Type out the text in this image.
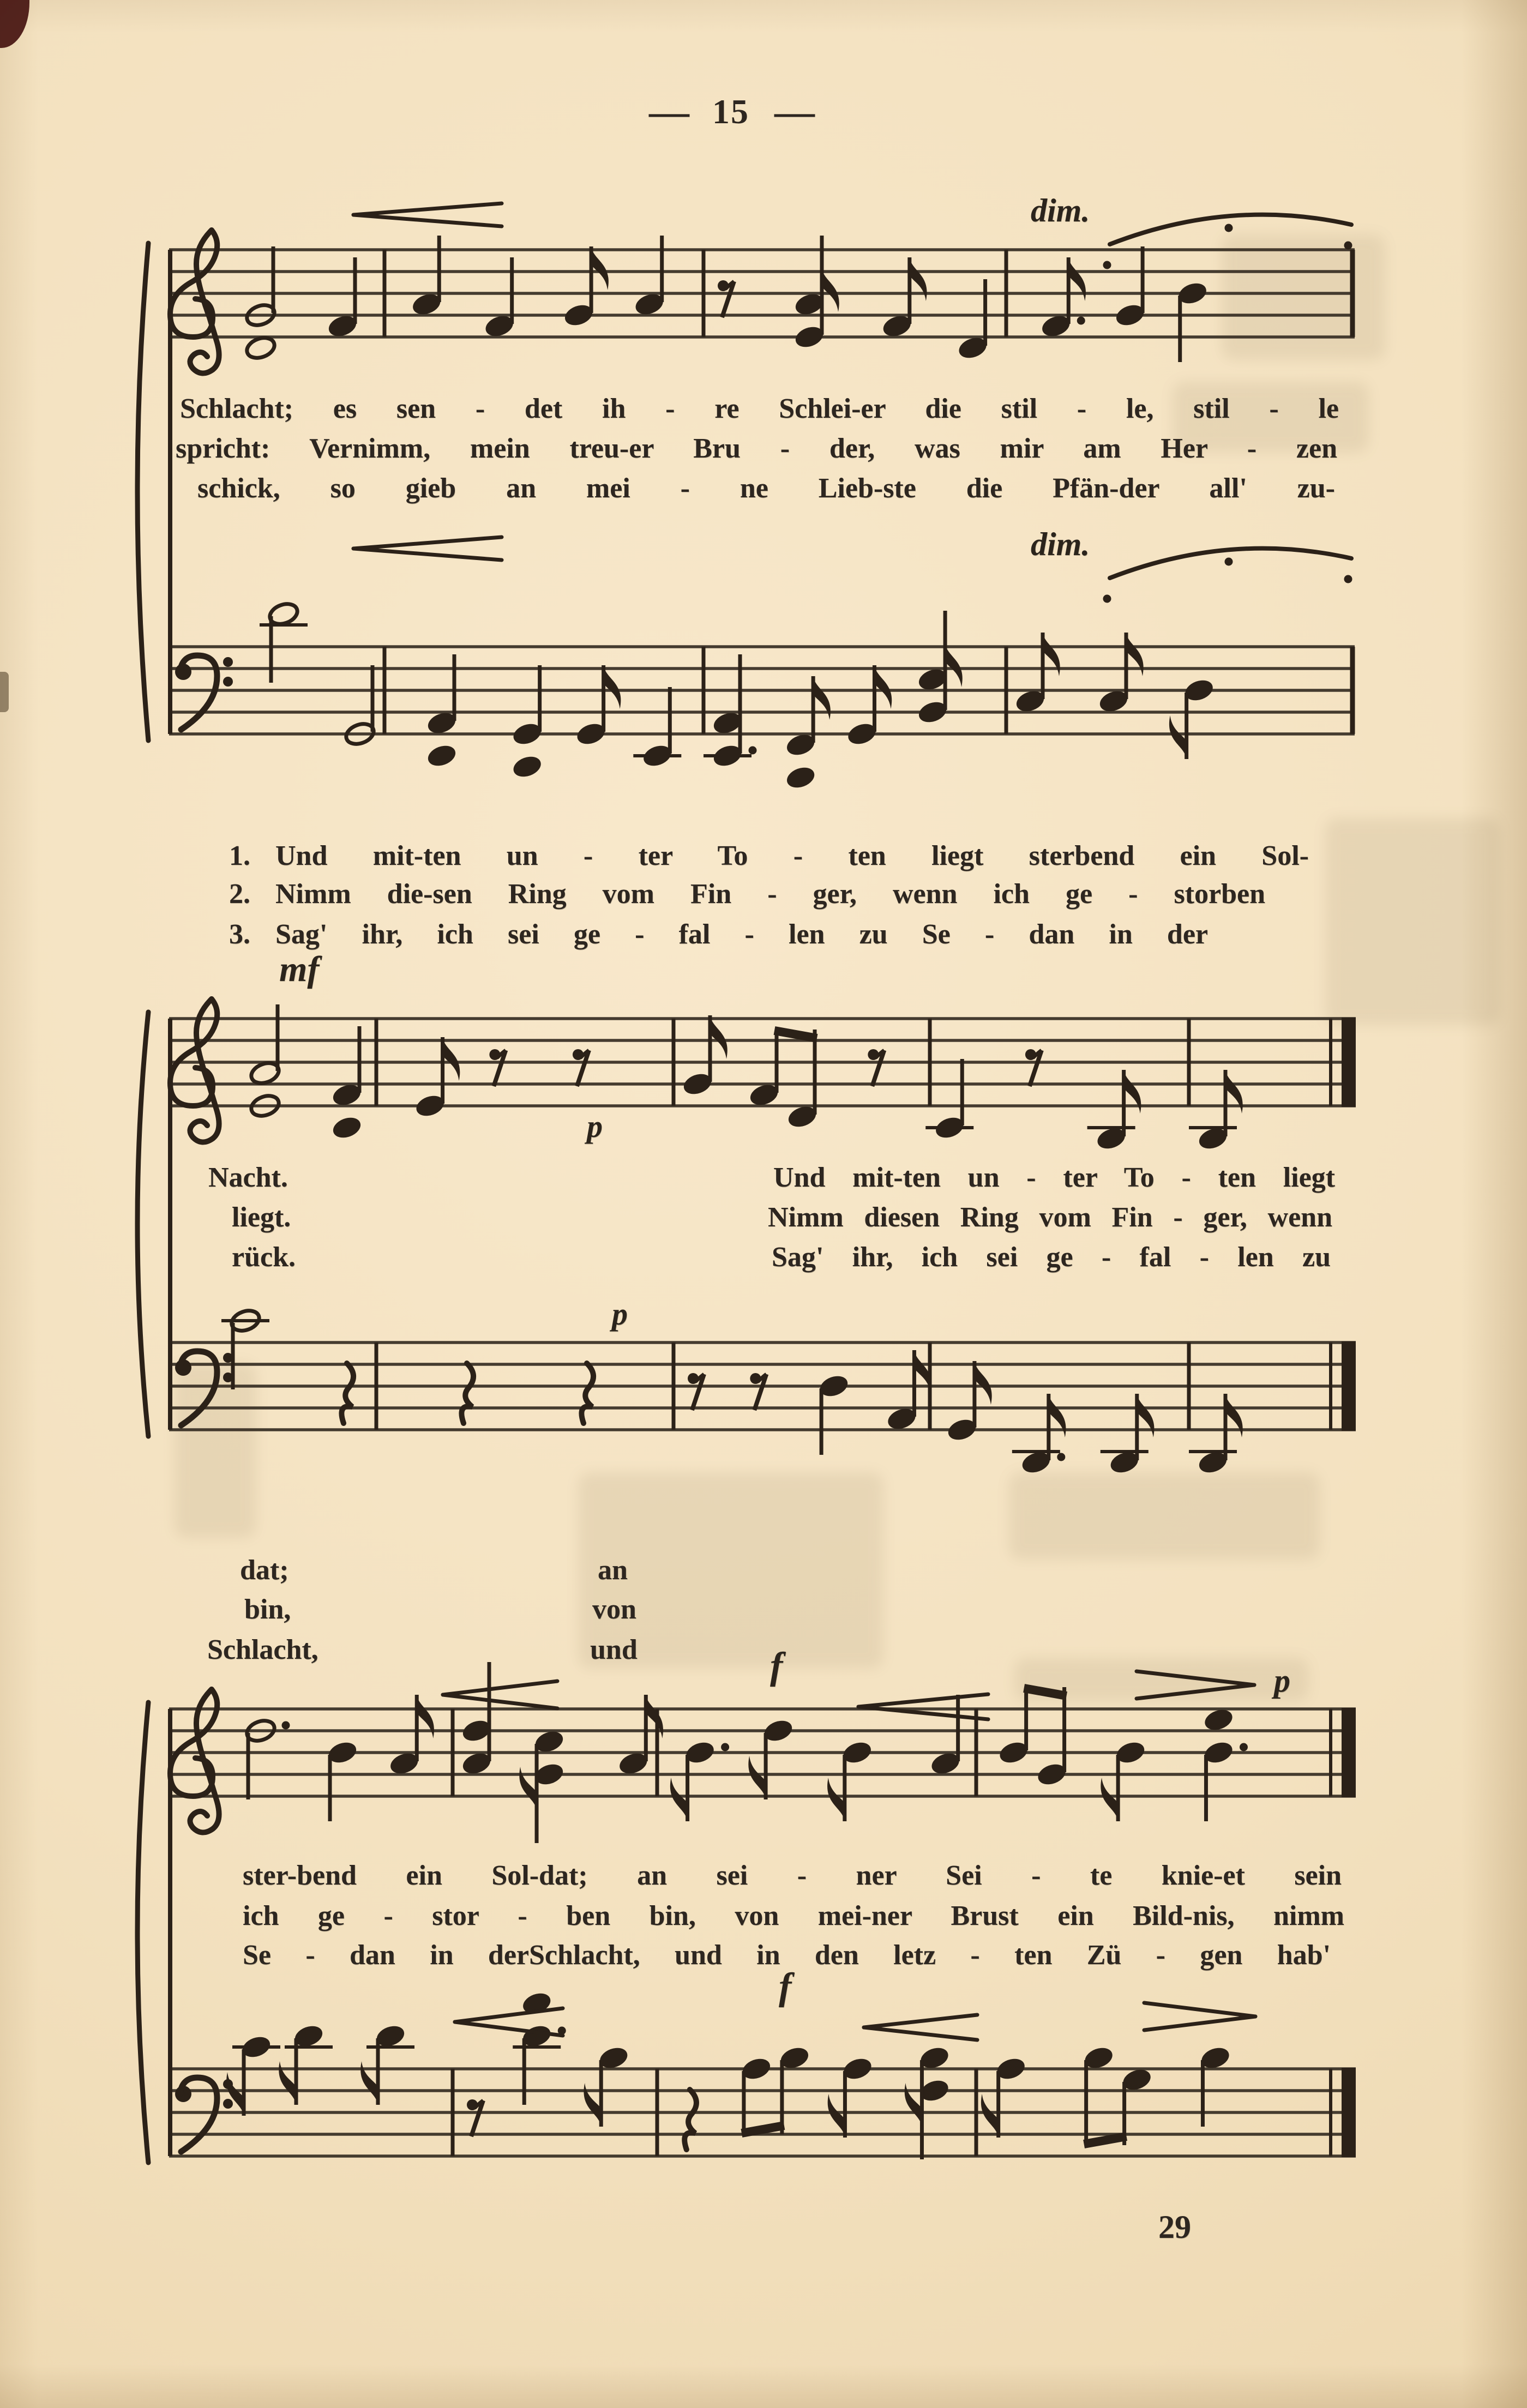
— 15 —
dim.
dim.
mf
p
p
f	p
f
Schlacht; es sen - det ih - re Schlei-er die stil - le, stil - le
spricht: Vernimm, mein treu-er Bru - der, was mir am Her - zen
schick, so gieb an mei - ne Lieb-ste die Pfän-der all' zu-
1. Und mit-ten un - ter To - ten liegt sterbend ein Sol-
2. Nimm die-sen Ring vom Fin - ger, wenn ich ge - storben
3. Sag' ihr, ich sei ge - fal - len zu Se - dan in der
Nacht.
liegt.
rück.
Und mit-ten un - ter To - ten liegt
Nimm diesen Ring vom Fin - ger, wenn
Sag' ihr, ich sei ge - fal - len zu
dat;
bin,
Schlacht,
an
von
und
ster-bend ein Sol-dat; an sei - ner Sei - te knie-et sein
ich ge - stor - ben bin, von mei-ner Brust ein Bild-nis, nimm
Se - dan in derSchlacht, und in den letz - ten Zü - gen hab'
29
